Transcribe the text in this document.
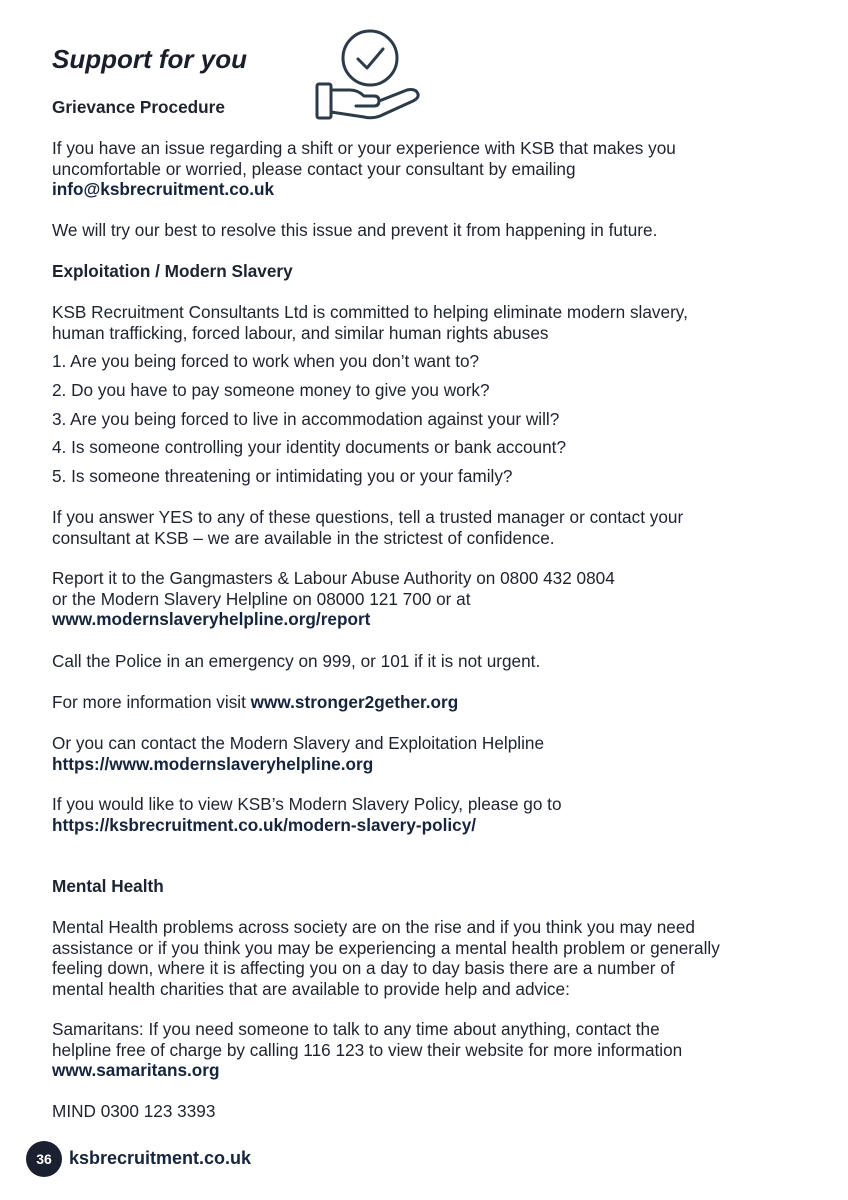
Support for you
Grievance Procedure
If you have an issue regarding a shift or your experience with KSB that makes you
uncomfortable or worried, please contact your consultant by emailing
info@ksbrecruitment.co.uk
We will try our best to resolve this issue and prevent it from happening in future.
Exploitation / Modern Slavery
KSB Recruitment Consultants Ltd is committed to helping eliminate modern slavery,
human trafficking, forced labour, and similar human rights abuses
1. Are you being forced to work when you don’t want to?
2. Do you have to pay someone money to give you work?
3. Are you being forced to live in accommodation against your will?
4. Is someone controlling your identity documents or bank account?
5. Is someone threatening or intimidating you or your family?
If you answer YES to any of these questions, tell a trusted manager or contact your
consultant at KSB – we are available in the strictest of confidence.
Report it to the Gangmasters & Labour Abuse Authority on 0800 432 0804
or the Modern Slavery Helpline on 08000 121 700 or at
www.modernslaveryhelpline.org/report
Call the Police in an emergency on 999, or 101 if it is not urgent.
For more information visit www.stronger2gether.org
Or you can contact the Modern Slavery and Exploitation Helpline
https://www.modernslaveryhelpline.org
If you would like to view KSB’s Modern Slavery Policy, please go to
https://ksbrecruitment.co.uk/modern-slavery-policy/
Mental Health
Mental Health problems across society are on the rise and if you think you may need
assistance or if you think you may be experiencing a mental health problem or generally
feeling down, where it is affecting you on a day to day basis there are a number of
mental health charities that are available to provide help and advice:
Samaritans: If you need someone to talk to any time about anything, contact the
helpline free of charge by calling 116 123 to view their website for more information
www.samaritans.org
MIND 0300 123 3393
36 ksbrecruitment.co.uk
